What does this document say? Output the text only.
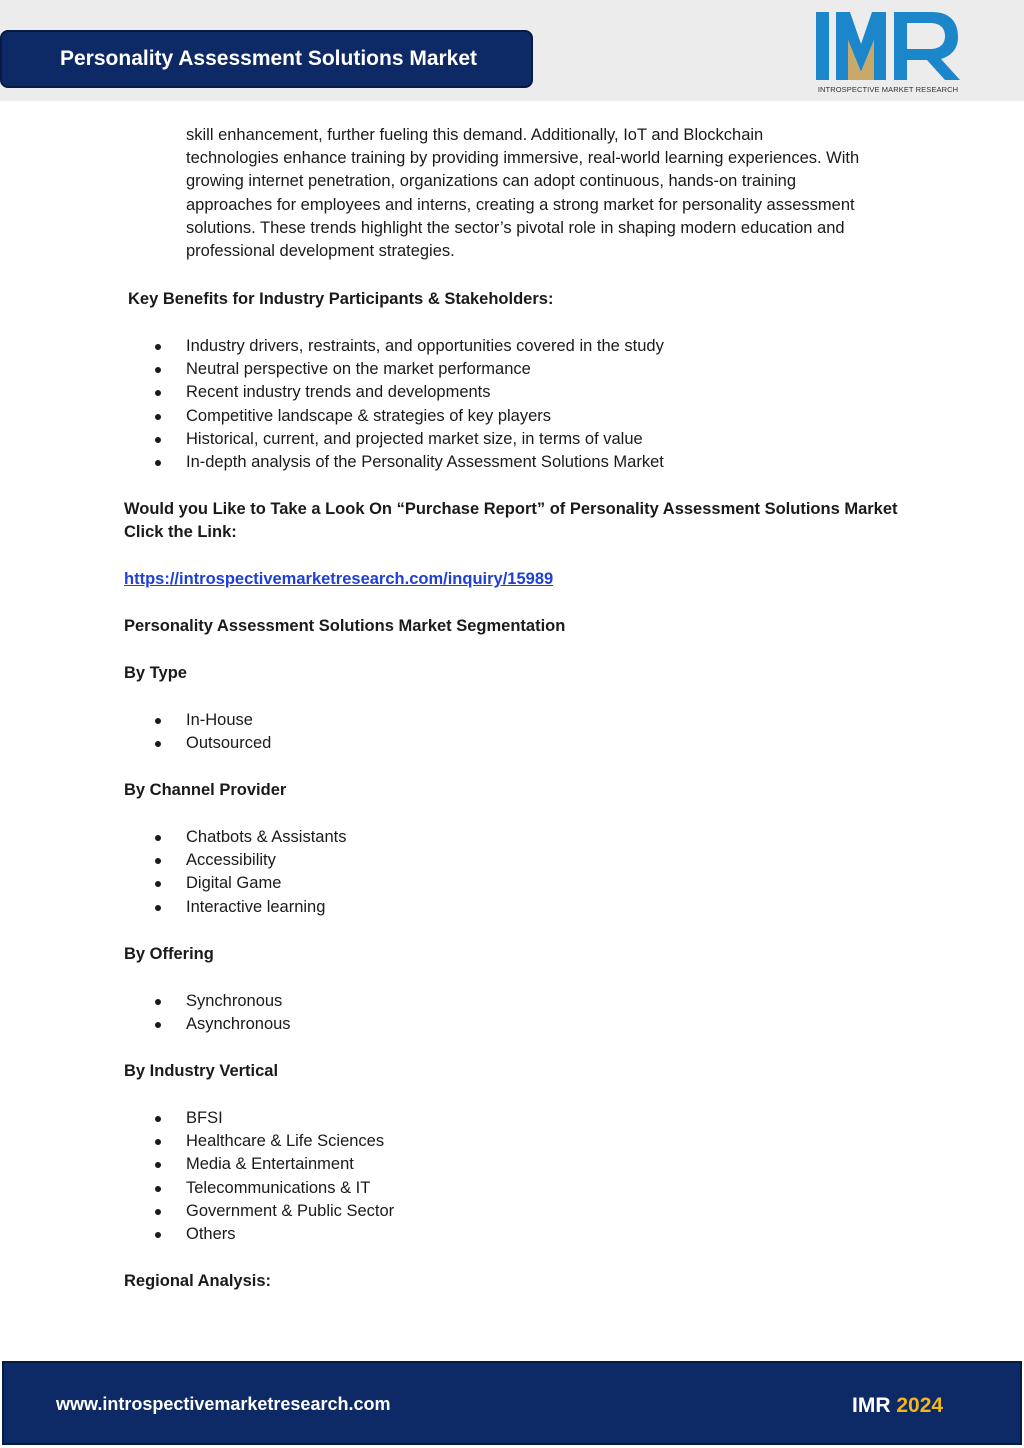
Personality Assessment Solutions Market
INTROSPECTIVE MARKET RESEARCH
skill enhancement, further fueling this demand. Additionally, IoT and Blockchain
technologies enhance training by providing immersive, real-world learning experiences. With
growing internet penetration, organizations can adopt continuous, hands-on training
approaches for employees and interns, creating a strong market for personality assessment
solutions. These trends highlight the sector’s pivotal role in shaping modern education and
professional development strategies.
Key Benefits for Industry Participants & Stakeholders:
Industry drivers, restraints, and opportunities covered in the study
Neutral perspective on the market performance
Recent industry trends and developments
Competitive landscape & strategies of key players
Historical, current, and projected market size, in terms of value
In-depth analysis of the Personality Assessment Solutions Market
Would you Like to Take a Look On “Purchase Report” of Personality Assessment Solutions Market
Click the Link:
https://introspectivemarketresearch.com/inquiry/15989
Personality Assessment Solutions Market Segmentation
By Type
In-House
Outsourced
By Channel Provider
Chatbots & Assistants
Accessibility
Digital Game
Interactive learning
By Offering
Synchronous
Asynchronous
By Industry Vertical
BFSI
Healthcare & Life Sciences
Media & Entertainment
Telecommunications & IT
Government & Public Sector
Others
Regional Analysis:
www.introspectivemarketresearch.com	IMR 2024
